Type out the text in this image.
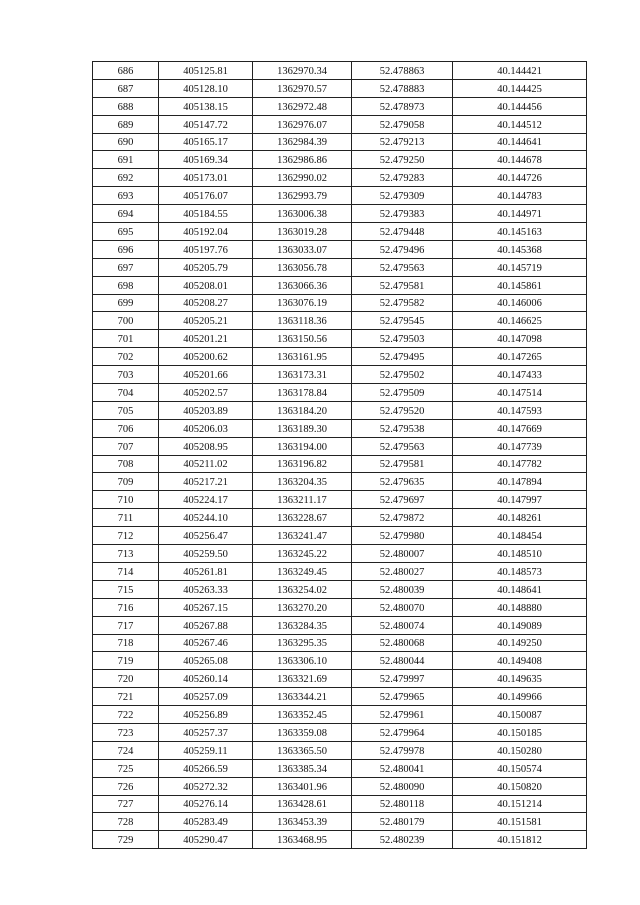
686	405125.81	1362970.34	52.478863	40.144421
687	405128.10	1362970.57	52.478883	40.144425
688	405138.15	1362972.48	52.478973	40.144456
689	405147.72	1362976.07	52.479058	40.144512
690	405165.17	1362984.39	52.479213	40.144641
691	405169.34	1362986.86	52.479250	40.144678
692	405173.01	1362990.02	52.479283	40.144726
693	405176.07	1362993.79	52.479309	40.144783
694	405184.55	1363006.38	52.479383	40.144971
695	405192.04	1363019.28	52.479448	40.145163
696	405197.76	1363033.07	52.479496	40.145368
697	405205.79	1363056.78	52.479563	40.145719
698	405208.01	1363066.36	52.479581	40.145861
699	405208.27	1363076.19	52.479582	40.146006
700	405205.21	1363118.36	52.479545	40.146625
701	405201.21	1363150.56	52.479503	40.147098
702	405200.62	1363161.95	52.479495	40.147265
703	405201.66	1363173.31	52.479502	40.147433
704	405202.57	1363178.84	52.479509	40.147514
705	405203.89	1363184.20	52.479520	40.147593
706	405206.03	1363189.30	52.479538	40.147669
707	405208.95	1363194.00	52.479563	40.147739
708	405211.02	1363196.82	52.479581	40.147782
709	405217.21	1363204.35	52.479635	40.147894
710	405224.17	1363211.17	52.479697	40.147997
711	405244.10	1363228.67	52.479872	40.148261
712	405256.47	1363241.47	52.479980	40.148454
713	405259.50	1363245.22	52.480007	40.148510
714	405261.81	1363249.45	52.480027	40.148573
715	405263.33	1363254.02	52.480039	40.148641
716	405267.15	1363270.20	52.480070	40.148880
717	405267.88	1363284.35	52.480074	40.149089
718	405267.46	1363295.35	52.480068	40.149250
719	405265.08	1363306.10	52.480044	40.149408
720	405260.14	1363321.69	52.479997	40.149635
721	405257.09	1363344.21	52.479965	40.149966
722	405256.89	1363352.45	52.479961	40.150087
723	405257.37	1363359.08	52.479964	40.150185
724	405259.11	1363365.50	52.479978	40.150280
725	405266.59	1363385.34	52.480041	40.150574
726	405272.32	1363401.96	52.480090	40.150820
727	405276.14	1363428.61	52.480118	40.151214
728	405283.49	1363453.39	52.480179	40.151581
729	405290.47	1363468.95	52.480239	40.151812
